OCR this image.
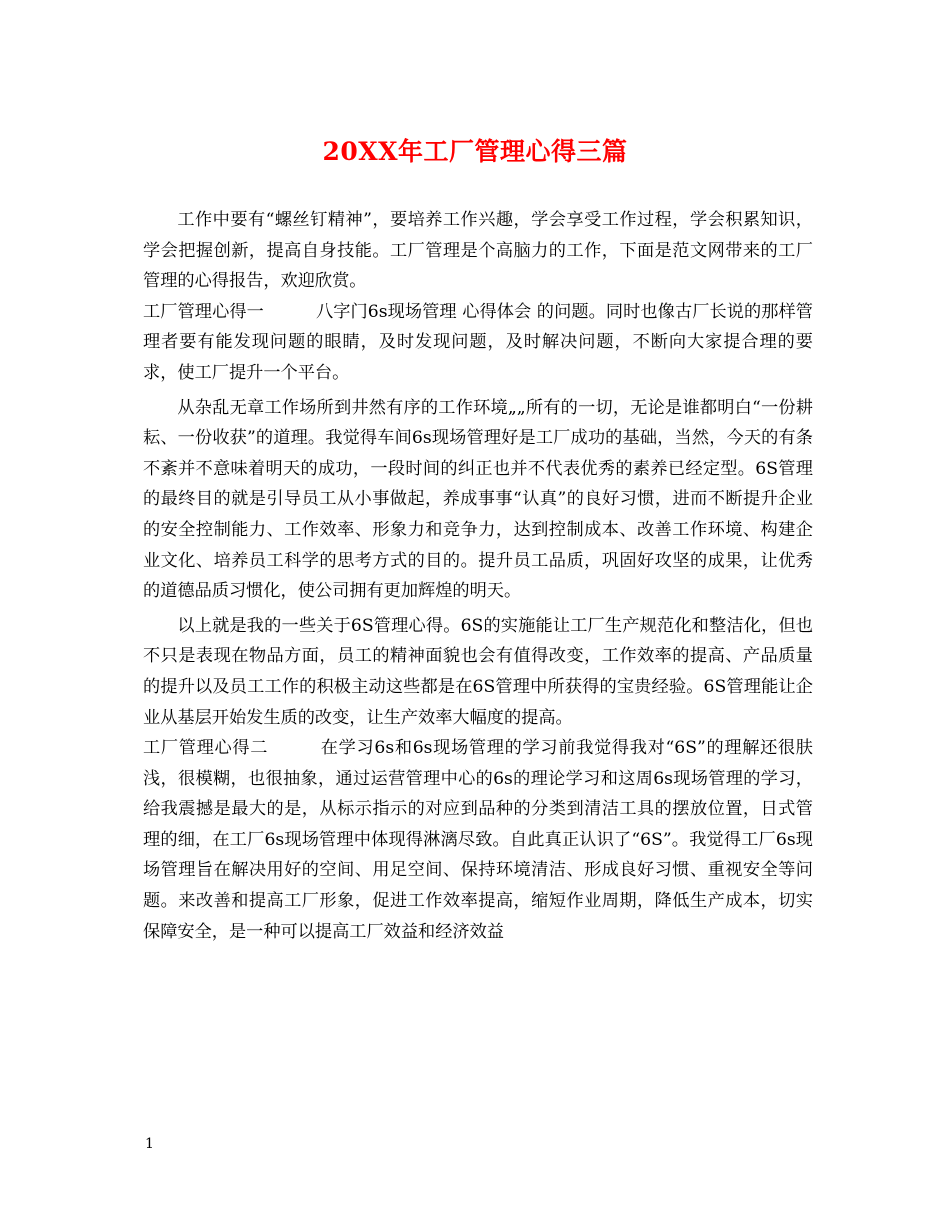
20XX年工厂管理心得三篇

工作中要有“螺丝钉精神”，要培养工作兴趣，学会享受工作过程，学会积累知识，学会把握创新，提高自身技能。工厂管理是个高脑力的工作，下面是范文网带来的工厂管理的心得报告，欢迎欣赏。

工厂管理心得一	八字门6s现场管理 心得体会 的问题。同时也像古厂长说的那样管理者要有能发现问题的眼睛，及时发现问题，及时解决问题，不断向大家提合理的要求，使工厂提升一个平台。

从杂乱无章工作场所到井然有序的工作环境„„所有的一切，无论是谁都明白“一份耕耘、一份收获”的道理。我觉得车间6s现场管理好是工厂成功的基础，当然，今天的有条不紊并不意味着明天的成功，一段时间的纠正也并不代表优秀的素养已经定型。6S管理的最终目的就是引导员工从小事做起，养成事事“认真”的良好习惯，进而不断提升企业的安全控制能力、工作效率、形象力和竞争力，达到控制成本、改善工作环境、构建企业文化、培养员工科学的思考方式的目的。提升员工品质，巩固好攻坚的成果，让优秀的道德品质习惯化，使公司拥有更加辉煌的明天。

以上就是我的一些关于6S管理心得。6S的实施能让工厂生产规范化和整洁化，但也不只是表现在物品方面，员工的精神面貌也会有值得改变，工作效率的提高、产品质量的提升以及员工工作的积极主动这些都是在6S管理中所获得的宝贵经验。6S管理能让企业从基层开始发生质的改变，让生产效率大幅度的提高。

工厂管理心得二	在学习6s和6s现场管理的学习前我觉得我对“6S”的理解还很肤浅，很模糊，也很抽象，通过运营管理中心的6s的理论学习和这周6s现场管理的学习，给我震撼是最大的是，从标示指示的对应到品种的分类到清洁工具的摆放位置，日式管理的细，在工厂6s现场管理中体现得淋漓尽致。自此真正认识了“6S”。我觉得工厂6s现场管理旨在解决用好的空间、用足空间、保持环境清洁、形成良好习惯、重视安全等问题。来改善和提高工厂形象，促进工作效率提高，缩短作业周期，降低生产成本，切实保障安全，是一种可以提高工厂效益和经济效益

1
